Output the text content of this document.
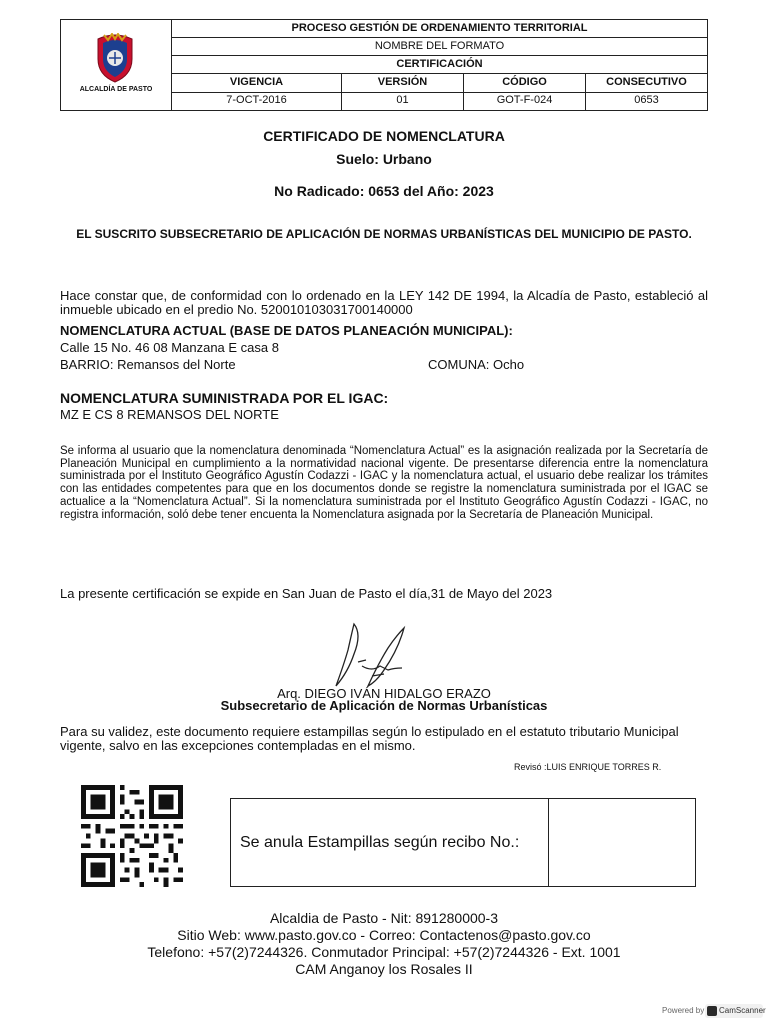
ALCALDÍA DE PASTO
PROCESO GESTIÓN DE ORDENAMIENTO TERRITORIAL
NOMBRE DEL FORMATO
CERTIFICACIÓN
VIGENCIA	VERSIÓN	CÓDIGO	CONSECUTIVO
7-OCT-2016	01	GOT-F-024	0653
CERTIFICADO DE NOMENCLATURA
Suelo: Urbano
No Radicado: 0653 del Año: 2023
EL SUSCRITO SUBSECRETARIO DE APLICACIÓN DE NORMAS URBANÍSTICAS DEL MUNICIPIO DE PASTO.
Hace constar que, de conformidad con lo ordenado en la LEY 142 DE 1994, la Alcadía de Pasto, estableció al inmueble ubicado en el predio No. 520010103031700140000
NOMENCLATURA ACTUAL (BASE DE DATOS PLANEACIÓN MUNICIPAL):
Calle 15 No. 46 08 Manzana E casa 8
BARRIO: Remansos del Norte	COMUNA: Ocho
NOMENCLATURA SUMINISTRADA POR EL IGAC:
MZ E CS 8 REMANSOS DEL NORTE
Se informa al usuario que la nomenclatura denominada “Nomenclatura Actual” es la asignación realizada por la Secretaría de Planeación Municipal en cumplimiento a la normatividad nacional vigente. De presentarse diferencia entre la nomenclatura suministrada por el Instituto Geográfico Agustín Codazzi - IGAC y la nomenclatura actual, el usuario debe realizar los trámites con las entidades competentes para que en los documentos donde se registre la nomenclatura suministrada por el IGAC se actualice a la “Nomenclatura Actual”. Si la nomenclatura suministrada por el Instituto Geográfico Agustín Codazzi - IGAC, no registra información, soló debe tener encuenta la Nomenclatura asignada por la Secretaría de Planeación Municipal.
La presente certificación se expide en San Juan de Pasto el día,31 de Mayo del 2023
Arq. DIEGO IVÁN HIDALGO ERAZO
Subsecretario de Aplicación de Normas Urbanísticas
Para su validez, este documento requiere estampillas según lo estipulado en el estatuto tributario Municipal vigente, salvo en las excepciones contempladas en el mismo.
Revisó :LUIS ENRIQUE TORRES R.
Se anula Estampillas según recibo No.:
Alcaldia de Pasto - Nit: 891280000-3
Sitio Web: www.pasto.gov.co - Correo: Contactenos@pasto.gov.co
Telefono: +57(2)7244326. Conmutador Principal: +57(2)7244326 - Ext. 1001
CAM Anganoy los Rosales II
Powered by CamScanner
